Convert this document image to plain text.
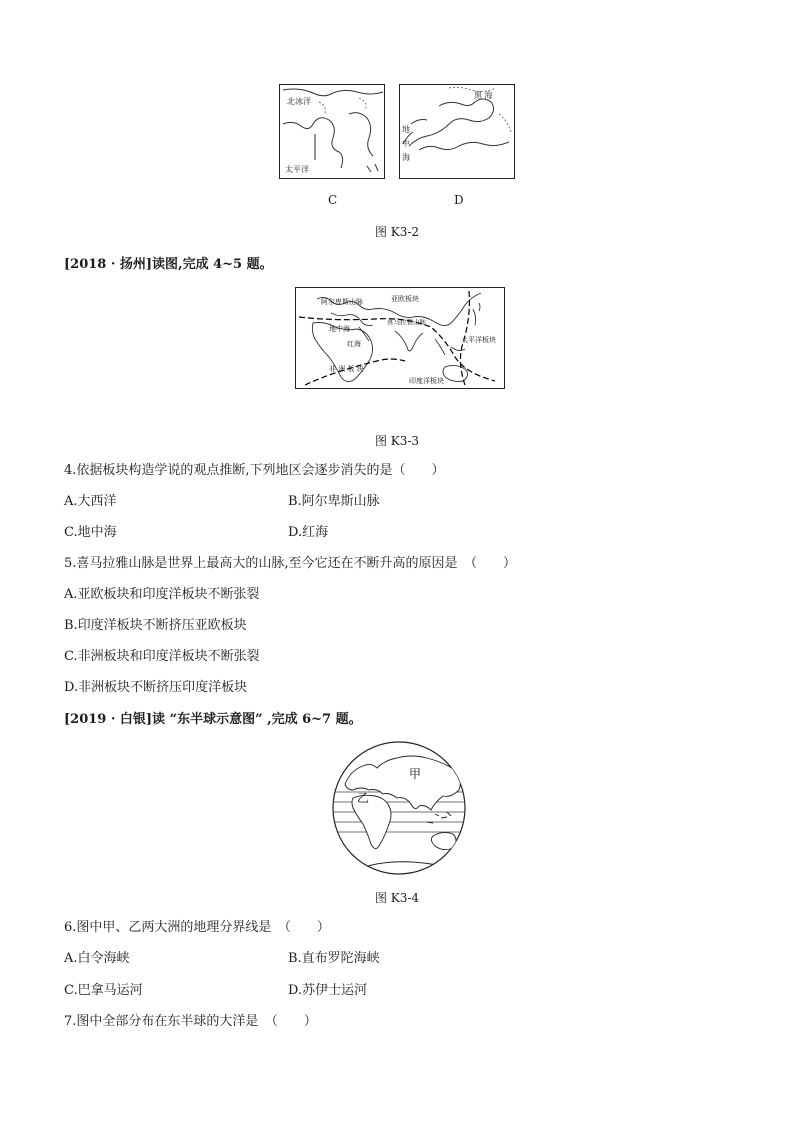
北冰洋
太平洋
黑 海
地
中
海
C	D
图 K3-2
[2018 · 扬州]读图,完成 4~5 题。
阿尔卑斯山脉	亚欧板块
喜马拉雅山脉
地中海
红海	太平洋板块
非 洲 板 块
印度洋板块
图 K3-3
4.依据板块构造学说的观点推断,下列地区会逐步消失的是（　　）
A.大西洋	B.阿尔卑斯山脉
C.地中海	D.红海
5.喜马拉雅山脉是世界上最高大的山脉,至今它还在不断升高的原因是　（　　）
A.亚欧板块和印度洋板块不断张裂
B.印度洋板块不断挤压亚欧板块
C.非洲板块和印度洋板块不断张裂
D.非洲板块不断挤压印度洋板块
[2019 · 白银]读 “东半球示意图” ,完成 6~7 题。
甲
乙
图 K3-4
6.图中甲、乙两大洲的地理分界线是　（　　）
A.白令海峡	B.直布罗陀海峡
C.巴拿马运河	D.苏伊士运河
7.图中全部分布在东半球的大洋是　（　　）
